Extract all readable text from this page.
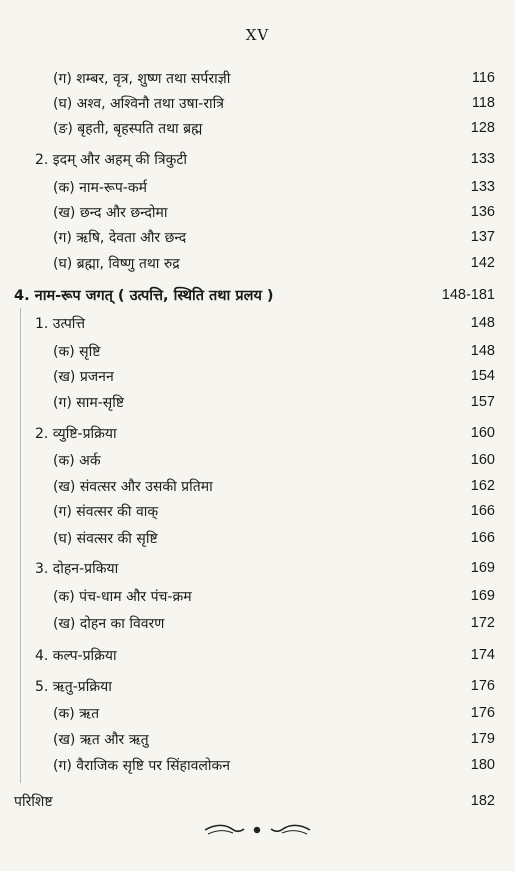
XV
(ग) शम्बर, वृत्र, शुष्ण तथा सर्पराज्ञी	116
(घ) अश्व, अश्विनौ तथा उषा-रात्रि	118
(ङ) बृहती, बृहस्पति तथा ब्रह्म	128
2. इदम् और अहम् की त्रिकुटी	133
(क) नाम-रूप-कर्म	133
(ख) छन्द और छन्दोमा	136
(ग) ऋषि, देवता और छन्द	137
(घ) ब्रह्मा, विष्णु तथा रुद्र	142
4. नाम-रूप जगत् ( उत्पत्ति, स्थिति तथा प्रलय )	148-181
1. उत्पत्ति	148
(क) सृष्टि	148
(ख) प्रजनन	154
(ग) साम-सृष्टि	157
2. व्युष्टि-प्रक्रिया	160
(क) अर्क	160
(ख) संवत्सर और उसकी प्रतिमा	162
(ग) संवत्सर की वाक्	166
(घ) संवत्सर की सृष्टि	166
3. दोहन-प्रकिया	169
(क) पंच-धाम और पंच-क्रम	169
(ख) दोहन का विवरण	172
4. कल्प-प्रक्रिया	174
5. ऋतु-प्रक्रिया	176
(क) ऋत	176
(ख) ऋत और ऋतु	179
(ग) वैराजिक सृष्टि पर सिंहावलोकन	180
परिशिष्ट	182
